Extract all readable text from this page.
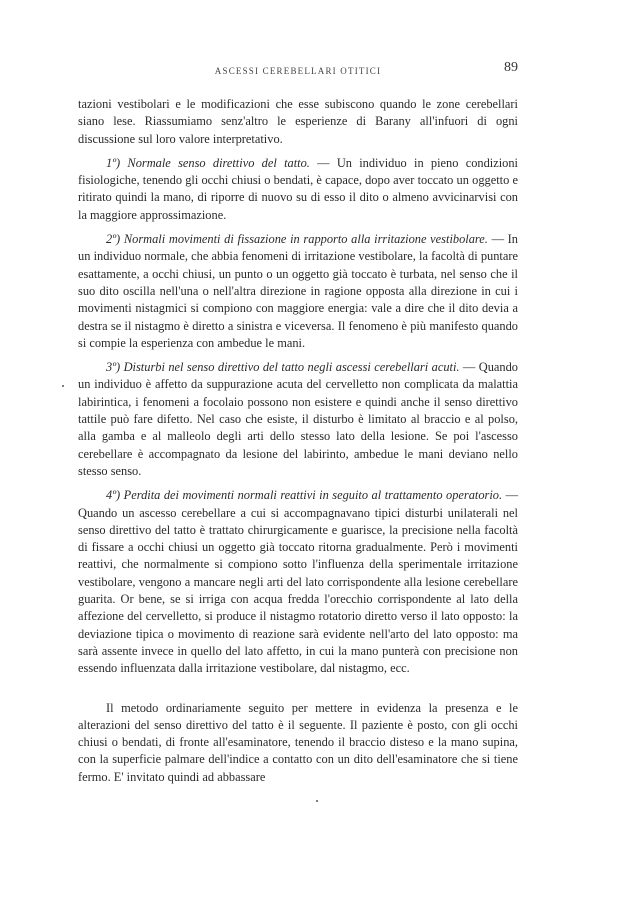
ASCESSI CEREBELLARI OTITICI	89

tazioni vestibolari e le modificazioni che esse subiscono quando le zone cerebellari siano lese. Riassumiamo senz'altro le esperienze di Barany all'infuori di ogni discussione sul loro valore interpretativo.

1º) Normale senso direttivo del tatto. — Un individuo in pieno condizioni fisiologiche, tenendo gli occhi chiusi o bendati, è capace, dopo aver toccato un oggetto e ritirato quindi la mano, di riporre di nuovo su di esso il dito o almeno avvicinarvisi con la maggiore approssimazione.

2º) Normali movimenti di fissazione in rapporto alla irritazione vestibolare. — In un individuo normale, che abbia fenomeni di irritazione vestibolare, la facoltà di puntare esattamente, a occhi chiusi, un punto o un oggetto già toccato è turbata, nel senso che il suo dito oscilla nell'una o nell'altra direzione in ragione opposta alla direzione in cui i movimenti nistagmici si compiono con maggiore energia: vale a dire che il dito devia a destra se il nistagmo è diretto a sinistra e viceversa. Il fenomeno è più manifesto quando si compie la esperienza con ambedue le mani.

3º) Disturbi nel senso direttivo del tatto negli ascessi cerebellari acuti. — Quando un individuo è affetto da suppurazione acuta del cervelletto non complicata da malattia labirintica, i fenomeni a focolaio possono non esistere e quindi anche il senso direttivo tattile può fare difetto. Nel caso che esiste, il disturbo è limitato al braccio e al polso, alla gamba e al malleolo degli arti dello stesso lato della lesione. Se poi l'ascesso cerebellare è accompagnato da lesione del labirinto, ambedue le mani deviano nello stesso senso.

4º) Perdita dei movimenti normali reattivi in seguito al trattamento operatorio. — Quando un ascesso cerebellare a cui si accompagnavano tipici disturbi unilaterali nel senso direttivo del tatto è trattato chirurgicamente e guarisce, la precisione nella facoltà di fissare a occhi chiusi un oggetto già toccato ritorna gradualmente. Però i movimenti reattivi, che normalmente si compiono sotto l'influenza della sperimentale irritazione vestibolare, vengono a mancare negli arti del lato corrispondente alla lesione cerebellare guarita. Or bene, se si irriga con acqua fredda l'orecchio corrispondente al lato della affezione del cervelletto, si produce il nistagmo rotatorio diretto verso il lato opposto: la deviazione tipica o movimento di reazione sarà evidente nell'arto del lato opposto: ma sarà assente invece in quello del lato affetto, in cui la mano punterà con precisione non essendo influenzata dalla irritazione vestibolare, dal nistagmo, ecc.

Il metodo ordinariamente seguito per mettere in evidenza la presenza e le alterazioni del senso direttivo del tatto è il seguente. Il paziente è posto, con gli occhi chiusi o bendati, di fronte all'esaminatore, tenendo il braccio disteso e la mano supina, con la superficie palmare dell'indice a contatto con un dito dell'esaminatore che si tiene fermo. E' invitato quindi ad abbassare
